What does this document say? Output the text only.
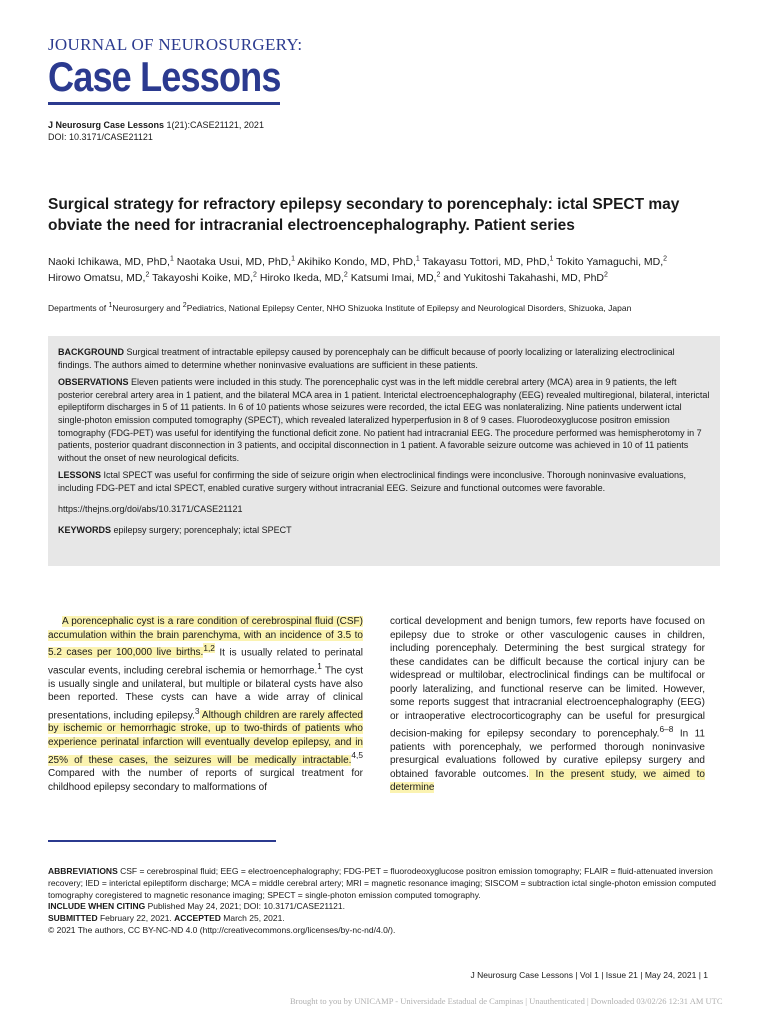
JOURNAL OF NEUROSURGERY:
Case Lessons
J Neurosurg Case Lessons 1(21):CASE21121, 2021
DOI: 10.3171/CASE21121
Surgical strategy for refractory epilepsy secondary to porencephaly: ictal SPECT may obviate the need for intracranial electroencephalography. Patient series
Naoki Ichikawa, MD, PhD,$^1$ Naotaka Usui, MD, PhD,$^1$ Akihiko Kondo, MD, PhD,$^1$ Takayasu Tottori, MD, PhD,$^1$ Tokito Yamaguchi, MD,$^2$
Hirowo Omatsu, MD,$^2$ Takayoshi Koike, MD,$^2$ Hiroko Ikeda, MD,$^2$ Katsumi Imai, MD,$^2$ and Yukitoshi Takahashi, MD, PhD$^2$
Departments of $^1$Neurosurgery and $^2$Pediatrics, National Epilepsy Center, NHO Shizuoka Institute of Epilepsy and Neurological Disorders, Shizuoka, Japan

BACKGROUND Surgical treatment of intractable epilepsy caused by porencephaly can be difficult because of poorly localizing or lateralizing electroclinical findings. The authors aimed to determine whether noninvasive evaluations are sufficient in these patients.

OBSERVATIONS Eleven patients were included in this study. The porencephalic cyst was in the left middle cerebral artery (MCA) area in 9 patients, the left posterior cerebral artery area in 1 patient, and the bilateral MCA area in 1 patient. Interictal electroencephalography (EEG) revealed multiregional, bilateral, interictal epileptiform discharges in 5 of 11 patients. In 6 of 10 patients whose seizures were recorded, the ictal EEG was nonlateralizing. Nine patients underwent ictal single-photon emission computed tomography (SPECT), which revealed lateralized hyperperfusion in 8 of 9 cases. Fluorodeoxyglucose positron emission tomography (FDG-PET) was useful for identifying the functional deficit zone. No patient had intracranial EEG. The procedure performed was hemispherotomy in 7 patients, posterior quadrant disconnection in 3 patients, and occipital disconnection in 1 patient. A favorable seizure outcome was achieved in 10 of 11 patients without the onset of new neurological deficits.

LESSONS Ictal SPECT was useful for confirming the side of seizure origin when electroclinical findings were inconclusive. Thorough noninvasive evaluations, including FDG-PET and ictal SPECT, enabled curative surgery without intracranial EEG. Seizure and functional outcomes were favorable.

https://thejns.org/doi/abs/10.3171/CASE21121

KEYWORDS epilepsy surgery; porencephaly; ictal SPECT

A porencephalic cyst is a rare condition of cerebrospinal fluid (CSF) accumulation within the brain parenchyma, with an incidence of 3.5 to 5.2 cases per 100,000 live births.$^{1,2}$ It is usually related to perinatal vascular events, including cerebral ischemia or hemorrhage.$^1$ The cyst is usually single and unilateral, but multiple or bilateral cysts have also been reported. These cysts can have a wide array of clinical presentations, including epilepsy.$^3$ Although children are rarely affected by ischemic or hemorrhagic stroke, up to two-thirds of patients who experience perinatal infarction will eventually develop epilepsy, and in 25% of these cases, the seizures will be medically intractable.$^{4,5}$ Compared with the number of reports of surgical treatment for childhood epilepsy secondary to malformations of

cortical development and benign tumors, few reports have focused on epilepsy due to stroke or other vasculogenic causes in children, including porencephaly. Determining the best surgical strategy for these candidates can be difficult because the cortical injury can be widespread or multilobar, electroclinical findings can be multifocal or poorly lateralizing, and functional reserve can be limited. However, some reports suggest that intracranial electroencephalography (EEG) or intraoperative electrocorticography can be useful for presurgical decision-making for epilepsy secondary to porencephaly.$^{6-8}$ In 11 patients with porencephaly, we performed thorough noninvasive presurgical evaluations followed by curative epilepsy surgery and obtained favorable outcomes. In the present study, we aimed to determine

ABBREVIATIONS CSF = cerebrospinal fluid; EEG = electroencephalography; FDG-PET = fluorodeoxyglucose positron emission tomography; FLAIR = fluid-attenuated inversion recovery; IED = interictal epileptiform discharge; MCA = middle cerebral artery; MRI = magnetic resonance imaging; SISCOM = subtraction ictal single-photon emission computed tomography coregistered to magnetic resonance imaging; SPECT = single-photon emission computed tomography.

INCLUDE WHEN CITING Published May 24, 2021; DOI: 10.3171/CASE21121.

SUBMITTED February 22, 2021. ACCEPTED March 25, 2021.

© 2021 The authors, CC BY-NC-ND 4.0 (http://creativecommons.org/licenses/by-nc-nd/4.0/).

J Neurosurg Case Lessons | Vol 1 | Issue 21 | May 24, 2021 | 1
Brought to you by UNICAMP - Universidade Estadual de Campinas | Unauthenticated | Downloaded 03/02/26 12:31 AM UTC
